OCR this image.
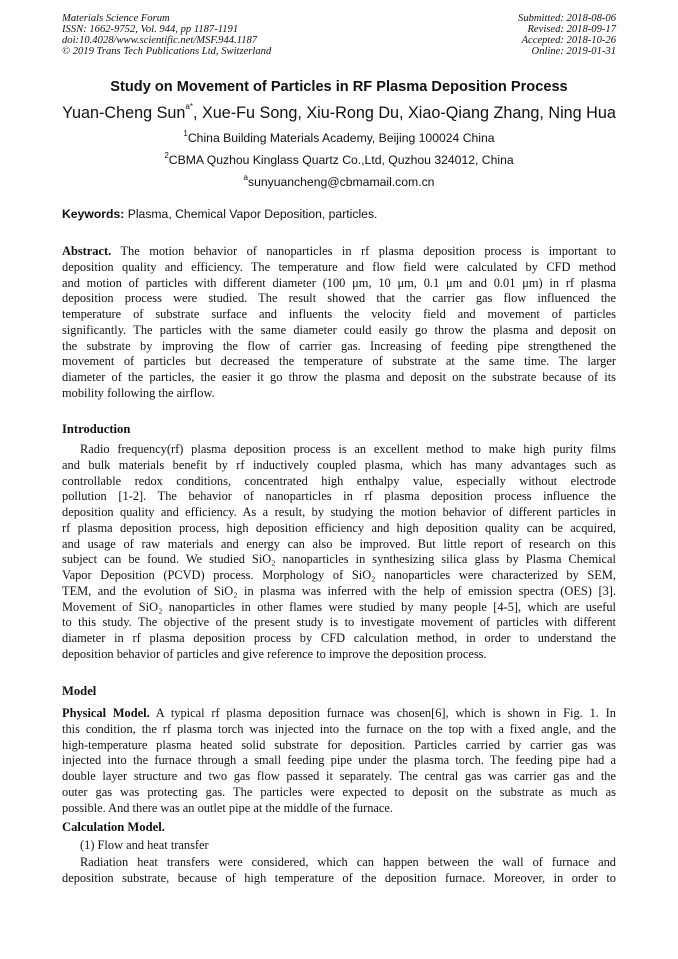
Materials Science Forum
ISSN: 1662-9752, Vol. 944, pp 1187-1191
doi:10.4028/www.scientific.net/MSF.944.1187
© 2019 Trans Tech Publications Ltd, Switzerland
Submitted: 2018-08-06
Revised: 2018-09-17
Accepted: 2018-10-26
Online: 2019-01-31
Study on Movement of Particles in RF Plasma Deposition Process
Yuan-Cheng Sun$^{a*}$, Xue-Fu Song, Xiu-Rong Du, Xiao-Qiang Zhang, Ning Hua
$^1$China Building Materials Academy, Beijing 100024 China
$^2$CBMA Quzhou Kinglass Quartz Co.,Ltd, Quzhou 324012, China
$^a$sunyuancheng@cbmamail.com.cn
Keywords: Plasma, Chemical Vapor Deposition, particles.
Abstract. The motion behavior of nanoparticles in rf plasma deposition process is important to
deposition quality and efficiency. The temperature and flow field were calculated by CFD method
and motion of particles with different diameter (100 μm, 10 μm, 0.1 μm and 0.01 μm) in rf plasma
deposition process were studied. The result showed that the carrier gas flow influenced the
temperature of substrate surface and influents the velocity field and movement of particles
significantly. The particles with the same diameter could easily go throw the plasma and deposit on
the substrate by improving the flow of carrier gas. Increasing of feeding pipe strengthened the
movement of particles but decreased the temperature of substrate at the same time. The larger
diameter of the particles, the easier it go throw the plasma and deposit on the substrate because of its
mobility following the airflow.
Introduction
Radio frequency(rf) plasma deposition process is an excellent method to make high purity films
and bulk materials benefit by rf inductively coupled plasma, which has many advantages such as
controllable redox conditions, concentrated high enthalpy value, especially without electrode
pollution [1-2]. The behavior of nanoparticles in rf plasma deposition process influence the
deposition quality and efficiency. As a result, by studying the motion behavior of different particles in
rf plasma deposition process, high deposition efficiency and high deposition quality can be acquired,
and usage of raw materials and energy can also be improved. But little report of research on this
subject can be found. We studied SiO₂ nanoparticles in synthesizing silica glass by Plasma Chemical
Vapor Deposition (PCVD) process. Morphology of SiO₂ nanoparticles were characterized by SEM,
TEM, and the evolution of SiO₂ in plasma was inferred with the help of emission spectra (OES) [3].
Movement of SiO₂ nanoparticles in other flames were studied by many people [4-5], which are useful
to this study. The objective of the present study is to investigate movement of particles with different
diameter in rf plasma deposition process by CFD calculation method, in order to understand the
deposition behavior of particles and give reference to improve the deposition process.
Model
Physical Model. A typical rf plasma deposition furnace was chosen[6], which is shown in Fig. 1. In
this condition, the rf plasma torch was injected into the furnace on the top with a fixed angle, and the
high-temperature plasma heated solid substrate for deposition. Particles carried by carrier gas was
injected into the furnace through a small feeding pipe under the plasma torch. The feeding pipe had a
double layer structure and two gas flow passed it separately. The central gas was carrier gas and the
outer gas was protecting gas. The particles were expected to deposit on the substrate as much as
possible. And there was an outlet pipe at the middle of the furnace.
Calculation Model.
(1) Flow and heat transfer
Radiation heat transfers were considered, which can happen between the wall of furnace and
deposition substrate, because of high temperature of the deposition furnace. Moreover, in order to
